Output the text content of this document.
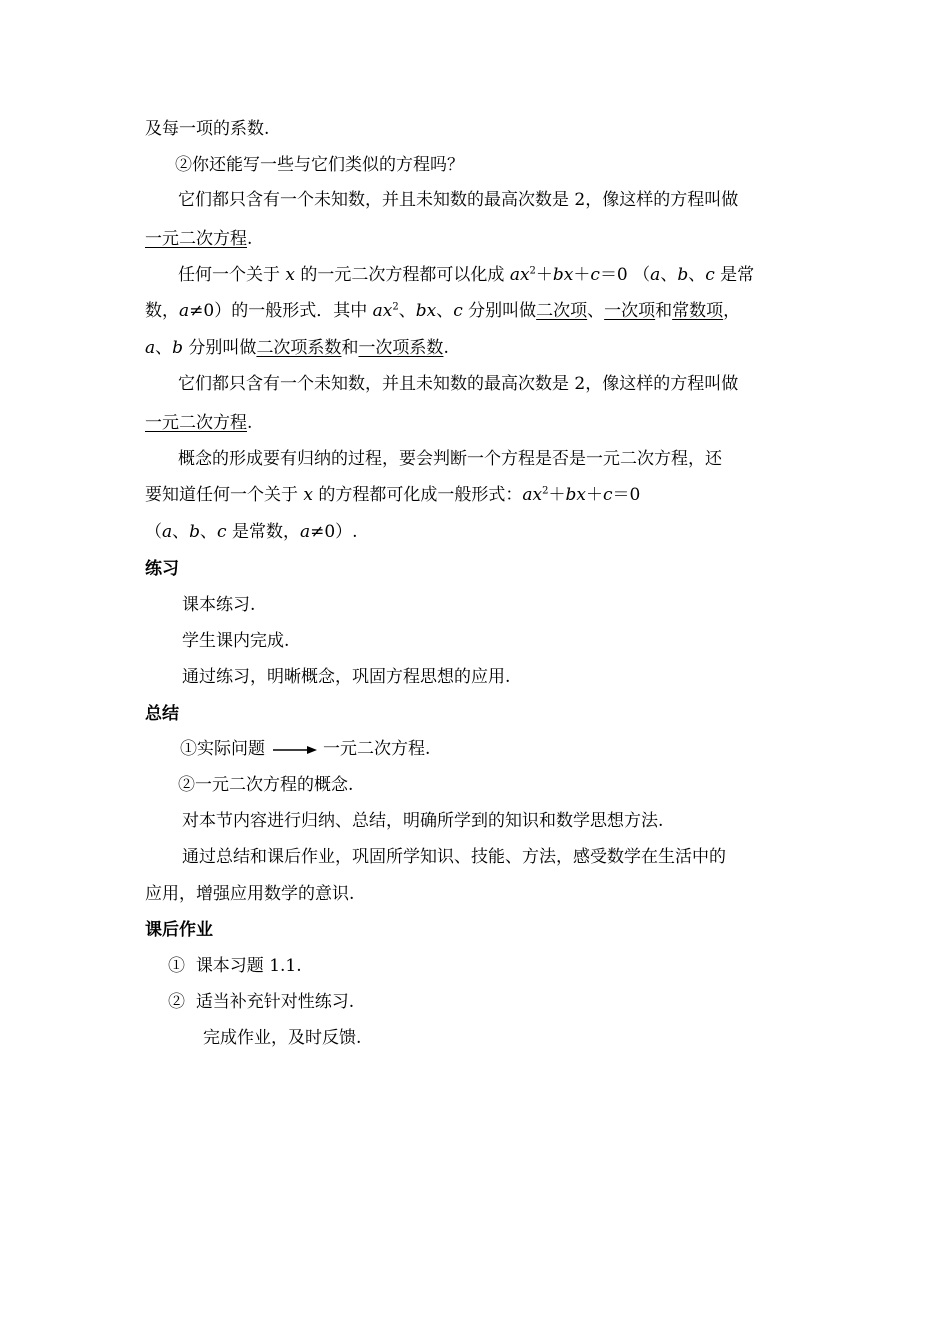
及每一项的系数.
②你还能写一些与它们类似的方程吗？
它们都只含有一个未知数，并且未知数的最高次数是 2，像这样的方程叫做
一元二次方程.
任何一个关于 x 的一元二次方程都可以化成 $ax^2+bx+c=0$ （a、b、c 是常
数，a≠0）的一般形式．其中 $ax^2$、bx、c 分别叫做二次项、一次项和常数项，
a、b 分别叫做二次项系数和一次项系数.
它们都只含有一个未知数，并且未知数的最高次数是 2，像这样的方程叫做
一元二次方程.
概念的形成要有归纳的过程，要会判断一个方程是否是一元二次方程，还
要知道任何一个关于 x 的方程都可化成一般形式：$ax^2+bx+c=0$
（a、b、c 是常数，a≠0）.
练习
课本练习.
学生课内完成.
通过练习，明晰概念，巩固方程思想的应用.
总结
①实际问题	一元二次方程.
②一元二次方程的概念.
对本节内容进行归纳、总结，明确所学到的知识和数学思想方法.
通过总结和课后作业，巩固所学知识、技能、方法，感受数学在生活中的
应用，增强应用数学的意识.
课后作业
① 课本习题 1.1.
② 适当补充针对性练习.
完成作业，及时反馈.
